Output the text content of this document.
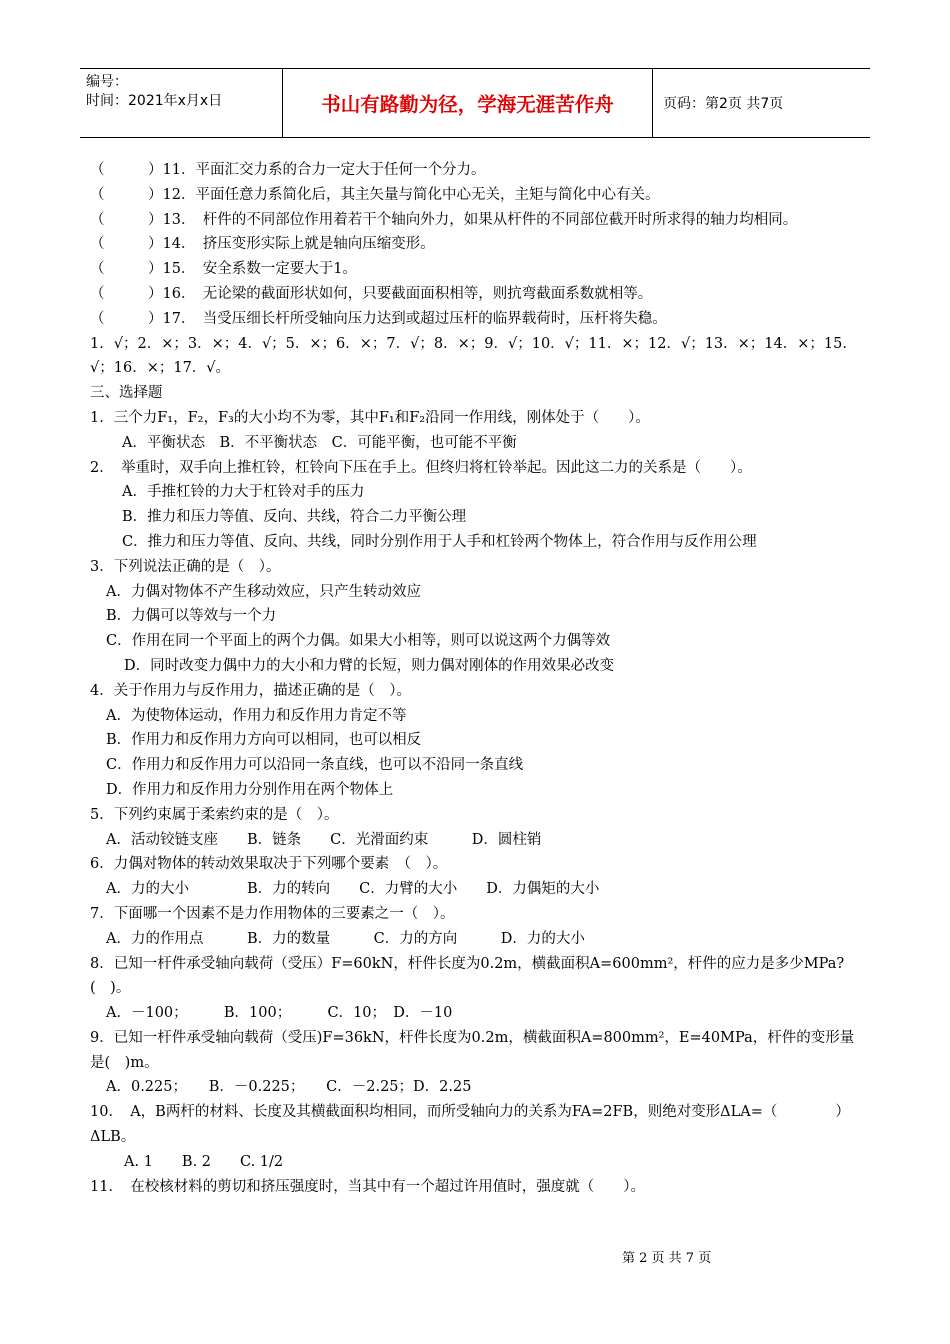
编号：
时间：2021年x月x日	书山有路勤为径，学海无涯苦作舟	页码：第2页 共7页
（　　　）11．平面汇交力系的合力一定大于任何一个分力。
（　　　）12．平面任意力系简化后，其主矢量与简化中心无关，主矩与简化中心有关。
（　　　）13．　杆件的不同部位作用着若干个轴向外力，如果从杆件的不同部位截开时所求得的轴力均相同。
（　　　）14．　挤压变形实际上就是轴向压缩变形。
（　　　）15．　安全系数一定要大于1。
（　　　）16．　无论梁的截面形状如何，只要截面面积相等，则抗弯截面系数就相等。
（　　　）17．　当受压细长杆所受轴向压力达到或超过压杆的临界载荷时，压杆将失稳。
1．√；2．×；3．×；4．√；5．×；6．×；7．√；8．×；9．√；10．√；11．×；12．√；13．×；14．×；15．√；16．×；17．√。
三、选择题
1．三个力F₁，F₂，F₃的大小均不为零，其中F₁和F₂沿同一作用线，刚体处于（　　）。
A．平衡状态　B．不平衡状态　C．可能平衡，也可能不平衡
2．　举重时，双手向上推杠铃，杠铃向下压在手上。但终归将杠铃举起。因此这二力的关系是（　　）。
A．手推杠铃的力大于杠铃对手的压力
B．推力和压力等值、反向、共线，符合二力平衡公理
C．推力和压力等值、反向、共线，同时分别作用于人手和杠铃两个物体上，符合作用与反作用公理
3．下列说法正确的是（　）。
A．力偶对物体不产生移动效应，只产生转动效应
B．力偶可以等效与一个力
C．作用在同一个平面上的两个力偶。如果大小相等，则可以说这两个力偶等效
D．同时改变力偶中力的大小和力臂的长短，则力偶对刚体的作用效果必改变
4．关于作用力与反作用力，描述正确的是（　）。
A．为使物体运动，作用力和反作用力肯定不等
B．作用力和反作用力方向可以相同，也可以相反
C．作用力和反作用力可以沿同一条直线，也可以不沿同一条直线
D．作用力和反作用力分别作用在两个物体上
5．下列约束属于柔索约束的是（　）。
A．活动铰链支座　　B．链条　　C．光滑面约束　　　D．圆柱销
6．力偶对物体的转动效果取决于下列哪个要素　（　）。
A．力的大小　　　　B．力的转向　　C．力臂的大小　　D．力偶矩的大小
7．下面哪一个因素不是力作用物体的三要素之一（　）。
A．力的作用点　　　B．力的数量　　　C．力的方向　　　D．力的大小
8．已知一杆件承受轴向载荷（受压）F=60kN，杆件长度为0.2m，横截面积A=600mm²，杆件的应力是多少MPa?(　)。
A．－100；　　　B．100；　　　C．10；　D．－10
9．已知一杆件承受轴向载荷（受压)F=36kN，杆件长度为0.2m，横截面积A=800mm²，E=40MPa，杆件的变形量是(　)m。
A．0.225；　　B．－0.225；　　C．－2.25；D．2.25
10．　A，B两杆的材料、长度及其横截面积均相同，而所受轴向力的关系为FA=2FB，则绝对变形ΔLA=（　　　　）ΔLB。
A. 1　　B. 2　　C. 1/2
11．　在校核材料的剪切和挤压强度时，当其中有一个超过许用值时，强度就（　　）。
第 2 页 共 7 页
